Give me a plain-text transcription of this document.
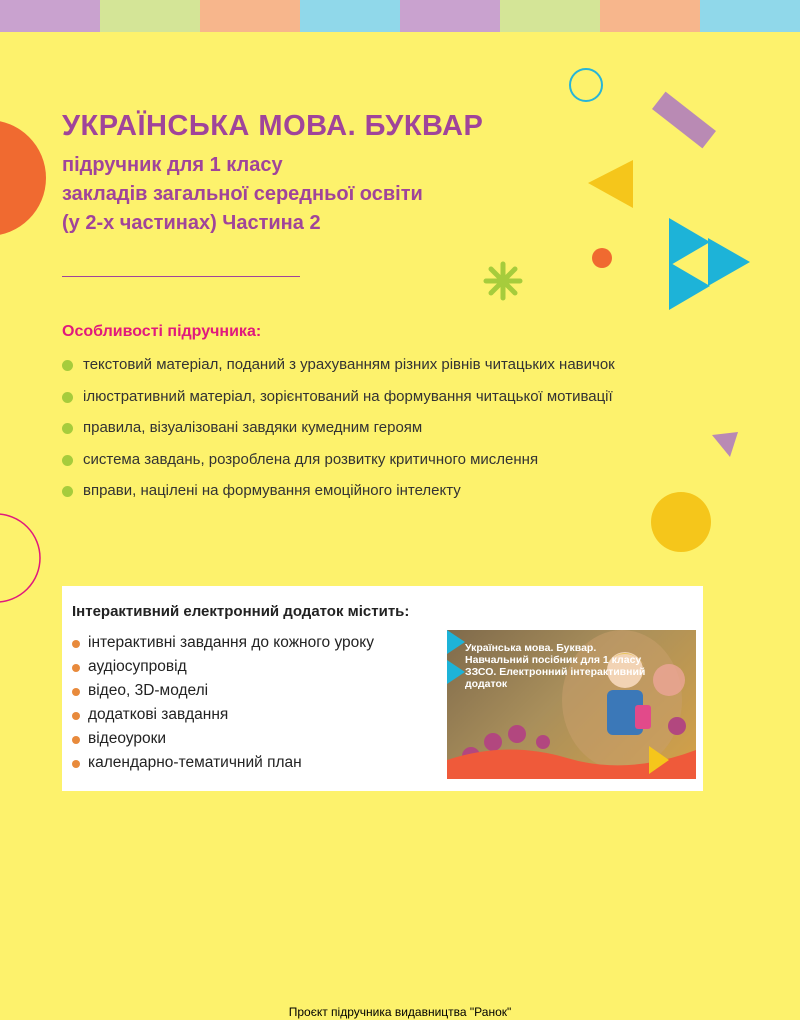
УКРАЇНСЬКА МОВА. БУКВАР
підручник для 1 класу
закладів загальної середньої освіти
(у 2-х частинах) Частина 2
Особливості підручника:
текстовий матеріал, поданий з урахуванням різних рівнів читацьких навичок
ілюстративний матеріал, зорієнтований на формування читацької мотивації
правила, візуалізовані завдяки кумедним героям
система завдань, розроблена для розвитку критичного мислення
вправи, націлені на формування емоційного інтелекту
Інтерактивний електронний додаток містить:
інтерактивні завдання до кожного уроку
аудіосупровід
відео, 3D-моделі
додаткові завдання
відеоуроки
календарно-тематичний план
Українська мова. Буквар. Навчальний посібник для 1 класу ЗЗСО. Електронний інтерактивний додаток
Проєкт підручника видавництва "Ранок"
